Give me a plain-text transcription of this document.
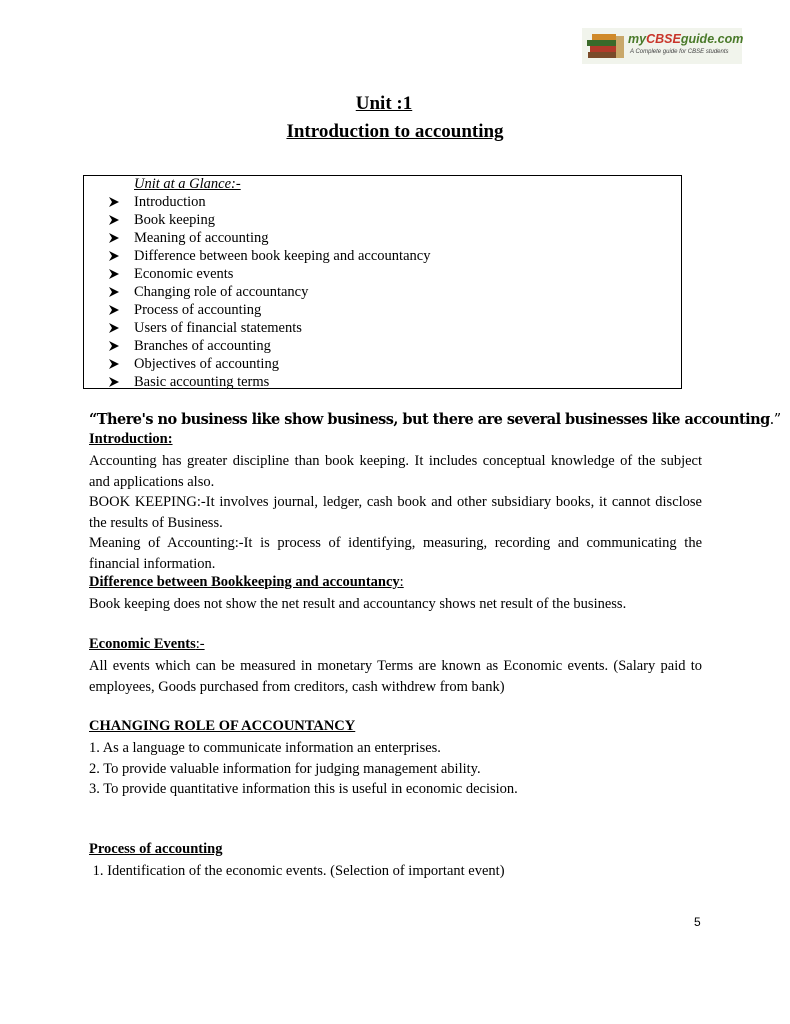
myCBSEguide.com
A Complete guide for CBSE students
Unit :1
Introduction to accounting
Unit at a Glance:-
Introduction
Book keeping
Meaning of accounting
Difference between book keeping and accountancy
Economic events
Changing role of accountancy
Process of accounting
Users of financial statements
Branches of accounting
Objectives of accounting
Basic accounting terms
“There's no business like show business, but there are several businesses like accounting.”
Introduction:
Accounting has greater discipline than book keeping. It includes conceptual knowledge of the subject and applications also.
BOOK KEEPING:-It involves journal, ledger, cash book and other subsidiary books, it cannot disclose the results of Business.
Meaning of Accounting:-It is process of identifying, measuring, recording and communicating the financial information.
Difference between Bookkeeping and accountancy:
Book keeping does not show the net result and accountancy shows net result of the business.
Economic Events:-
All events which can be measured in monetary Terms are known as Economic events. (Salary paid to employees, Goods purchased from creditors, cash withdrew from bank)
CHANGING ROLE OF ACCOUNTANCY
1. As a language to communicate information an enterprises.
2. To provide valuable information for judging management ability.
3. To provide quantitative information this is useful in economic decision.
Process of accounting
1. Identification of the economic events. (Selection of important event)
5
